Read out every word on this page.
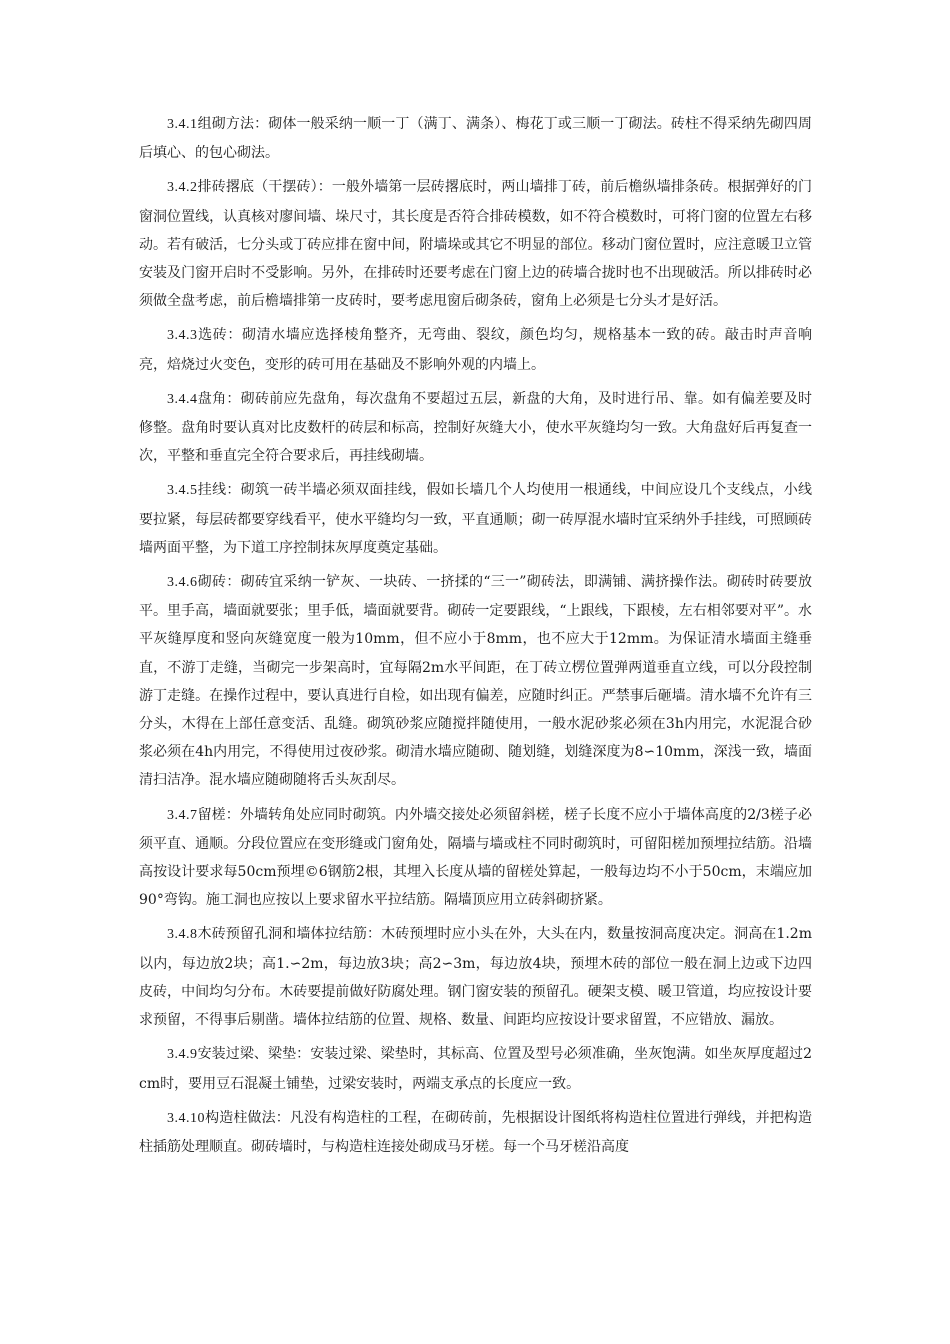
3.4.1组砌方法：砌体一般采纳一顺一丁（满丁、满条）、梅花丁或三顺一丁砌法。砖柱不得采纳先砌四周后填心、的包心砌法。

3.4.2排砖撂底（干摆砖）：一般外墙第一层砖撂底时，两山墙排丁砖，前后檐纵墙排条砖。根据弹好的门窗洞位置线，认真核对廖间墙、垛尺寸，其长度是否符合排砖模数，如不符合模数时，可将门窗的位置左右移动。若有破活，七分头或丁砖应排在窗中间，附墙垛或其它不明显的部位。移动门窗位置时，应注意暖卫立管安装及门窗开启时不受影响。另外，在排砖时还要考虑在门窗上边的砖墙合拢时也不出现破活。所以排砖时必须做全盘考虑，前后檐墙排第一皮砖时，要考虑甩窗后砌条砖，窗角上必须是七分头才是好活。

3.4.3选砖：砌清水墙应选择棱角整齐，无弯曲、裂纹，颜色均匀，规格基本一致的砖。敲击时声音响亮，焙烧过火变色，变形的砖可用在基础及不影响外观的内墙上。

3.4.4盘角：砌砖前应先盘角，每次盘角不要超过五层，新盘的大角，及时进行吊、靠。如有偏差要及时修整。盘角时要认真对比皮数杆的砖层和标高，控制好灰缝大小，使水平灰缝均匀一致。大角盘好后再复查一次，平整和垂直完全符合要求后，再挂线砌墙。

3.4.5挂线：砌筑一砖半墙必须双面挂线，假如长墙几个人均使用一根通线，中间应设几个支线点，小线要拉紧，每层砖都要穿线看平，使水平缝均匀一致，平直通顺；砌一砖厚混水墙时宜采纳外手挂线，可照顾砖墙两面平整，为下道工序控制抹灰厚度奠定基础。

3.4.6砌砖：砌砖宜采纳一铲灰、一块砖、一挤揉的“三一”砌砖法，即满铺、满挤操作法。砌砖时砖要放平。里手高，墙面就要张；里手低，墙面就要背。砌砖一定要跟线，“上跟线，下跟棱，左右相邻要对平”。水平灰缝厚度和竖向灰缝宽度一般为10mm，但不应小于8mm，也不应大于12mm。为保证清水墙面主缝垂直，不游丁走缝，当砌完一步架高时，宜每隔2m水平间距，在丁砖立楞位置弹两道垂直立线，可以分段控制游丁走缝。在操作过程中，要认真进行自检，如出现有偏差，应随时纠正。严禁事后砸墙。清水墙不允许有三分头，木得在上部任意变活、乱缝。砌筑砂浆应随搅拌随使用，一般水泥砂浆必须在3h内用完，水泥混合砂浆必须在4h内用完，不得使用过夜砂浆。砌清水墙应随砌、随划缝，划缝深度为8∽10mm，深浅一致，墙面清扫洁净。混水墙应随砌随将舌头灰刮尽。

3.4.7留槎：外墙转角处应同时砌筑。内外墙交接处必须留斜槎，槎子长度不应小于墙体高度的2/3槎子必须平直、通顺。分段位置应在变形缝或门窗角处，隔墙与墙或柱不同时砌筑时，可留阳槎加预埋拉结筋。沿墙高按设计要求每50cm预埋©6钢筋2根，其埋入长度从墙的留槎处算起，一般每边均不小于50cm，末端应加90°弯钩。施工洞也应按以上要求留水平拉结筋。隔墙顶应用立砖斜砌挤紧。

3.4.8木砖预留孔洞和墙体拉结筋：木砖预埋时应小头在外，大头在内，数量按洞高度决定。洞高在1.2m以内，每边放2块；高1.∽2m，每边放3块；高2∽3m，每边放4块，预埋木砖的部位一般在洞上边或下边四皮砖，中间均匀分布。木砖要提前做好防腐处理。钢门窗安装的预留孔。硬架支模、暖卫管道，均应按设计要求预留，不得事后剔凿。墙体拉结筋的位置、规格、数量、间距均应按设计要求留置，不应错放、漏放。

3.4.9安装过梁、梁垫：安装过梁、梁垫时，其标高、位置及型号必须准确，坐灰饱满。如坐灰厚度超过2cm时，要用豆石混凝土铺垫，过梁安装时，两端支承点的长度应一致。

3.4.10构造柱做法：凡没有构造柱的工程，在砌砖前，先根据设计图纸将构造柱位置进行弹线，并把构造柱插筋处理顺直。砌砖墙时，与构造柱连接处砌成马牙槎。每一个马牙槎沿高度
